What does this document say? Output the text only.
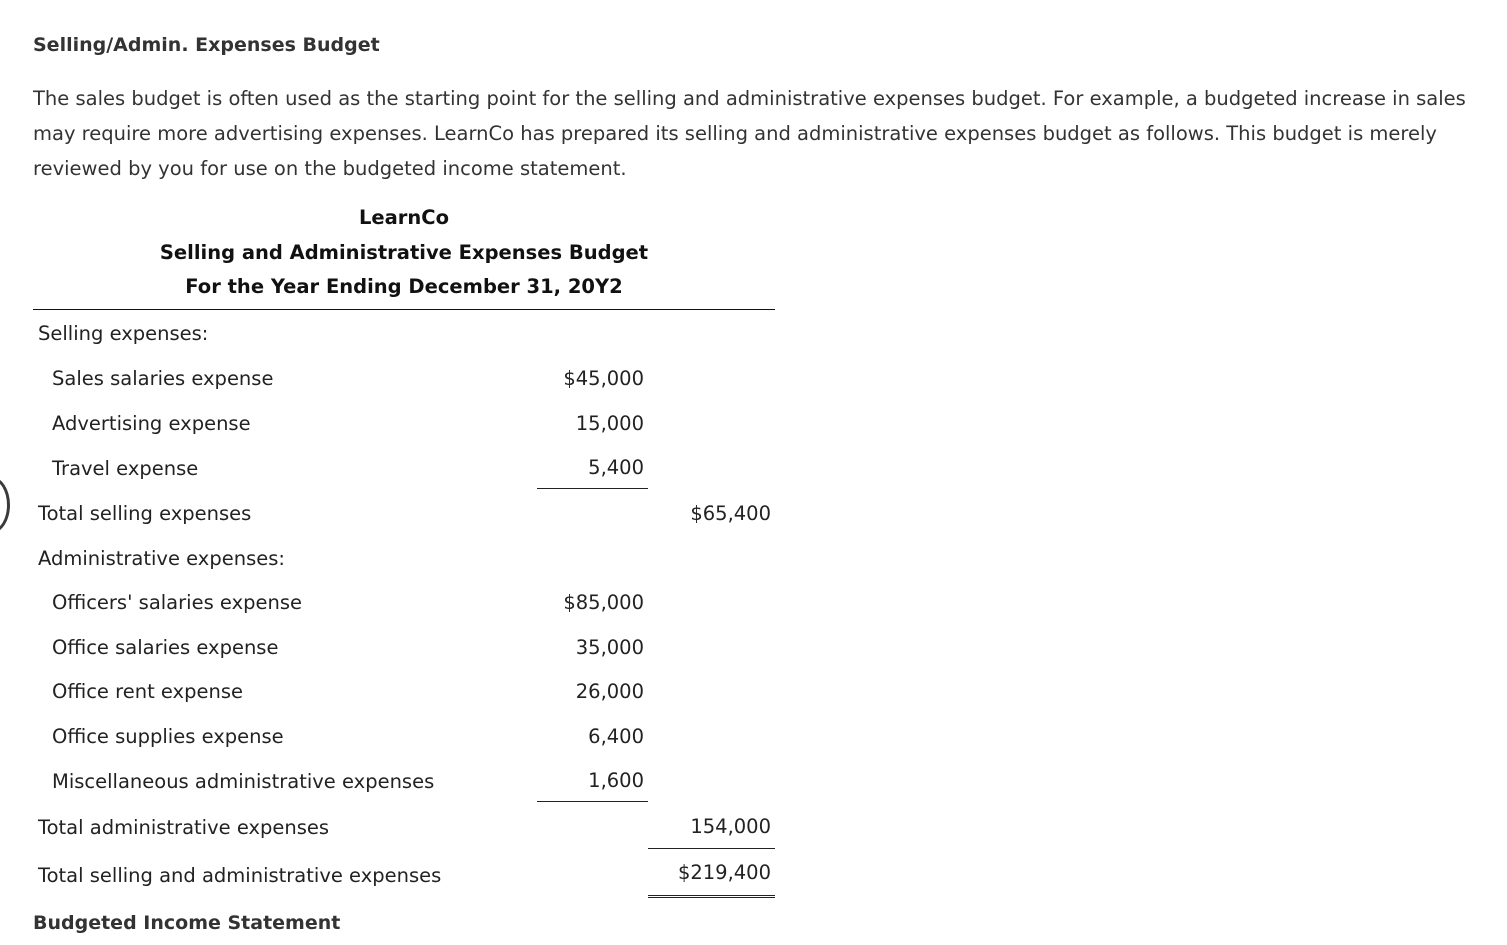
Selling/Admin. Expenses Budget

The sales budget is often used as the starting point for the selling and administrative expenses budget. For example, a budgeted increase in sales may require more advertising expenses. LearnCo has prepared its selling and administrative expenses budget as follows. This budget is merely reviewed by you for use on the budgeted income statement.

LearnCo
Selling and Administrative Expenses Budget
For the Year Ending December 31, 20Y2
Selling expenses:
Sales salaries expense	$45,000
Advertising expense	15,000
Travel expense	5,400
Total selling expenses	$65,400
Administrative expenses:
Officers' salaries expense	$85,000
Office salaries expense	35,000
Office rent expense	26,000
Office supplies expense	6,400
Miscellaneous administrative expenses	1,600
Total administrative expenses	154,000
Total selling and administrative expenses	$219,400
Budgeted Income Statement
